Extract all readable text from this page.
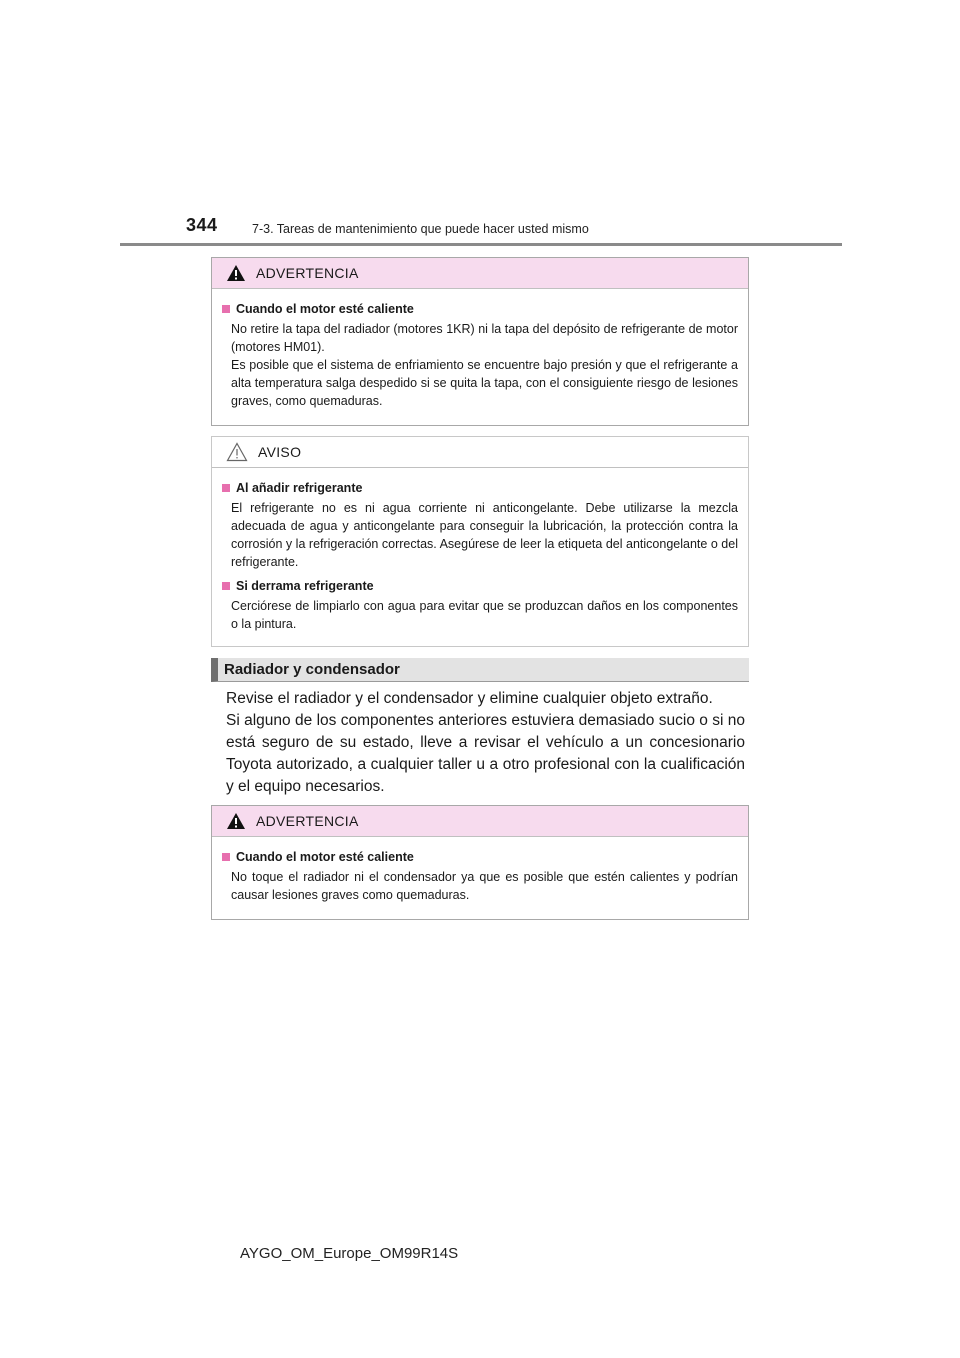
344	7-3. Tareas de mantenimiento que puede hacer usted mismo
ADVERTENCIA
Cuando el motor esté caliente

No retire la tapa del radiador (motores 1KR) ni la tapa del depósito de refrigerante de motor (motores HM01).

Es posible que el sistema de enfriamiento se encuentre bajo presión y que el refrigerante a alta temperatura salga despedido si se quita la tapa, con el consiguiente riesgo de lesiones graves, como quemaduras.

AVISO
Al añadir refrigerante

El refrigerante no es ni agua corriente ni anticongelante. Debe utilizarse la mezcla adecuada de agua y anticongelante para conseguir la lubricación, la protección contra la corrosión y la refrigeración correctas. Asegúrese de leer la etiqueta del anticongelante o del refrigerante.

Si derrama refrigerante

Cerciórese de limpiarlo con agua para evitar que se produzcan daños en los componentes o la pintura.

Radiador y condensador

Revise el radiador y el condensador y elimine cualquier objeto extraño.

Si alguno de los componentes anteriores estuviera demasiado sucio o si no está seguro de su estado, lleve a revisar el vehículo a un concesionario Toyota autorizado, a cualquier taller u a otro profesional con la cualificación y el equipo necesarios.

ADVERTENCIA
Cuando el motor esté caliente

No toque el radiador ni el condensador ya que es posible que estén calientes y podrían causar lesiones graves como quemaduras.

AYGO_OM_Europe_OM99R14S
